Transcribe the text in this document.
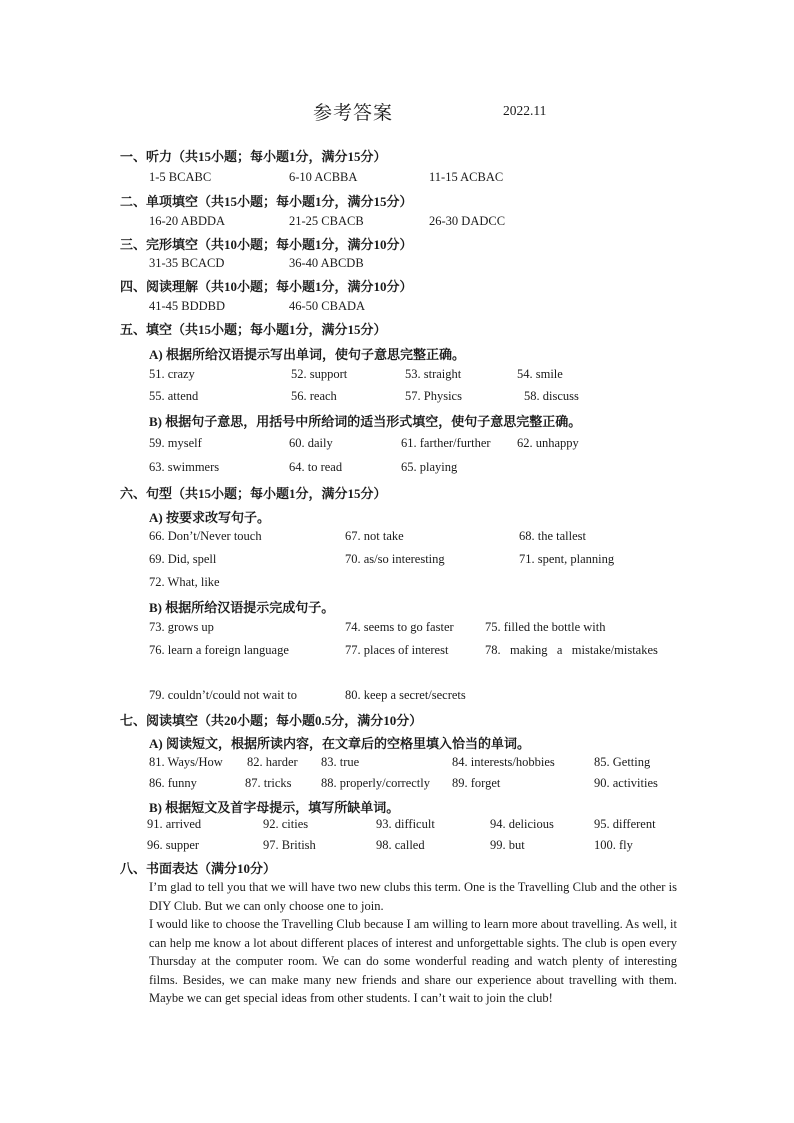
参考答案	2022.11
一、听力（共15小题；每小题1分，满分15分）
1-5 BCABC	6-10 ACBBA	11-15 ACBAC
二、单项填空（共15小题；每小题1分，满分15分）
16-20 ABDDA	21-25 CBACB	26-30 DADCC
三、完形填空（共10小题；每小题1分，满分10分）
31-35 BCACD	36-40 ABCDB
四、阅读理解（共10小题；每小题1分，满分10分）
41-45 BDDBD	46-50 CBADA
五、填空（共15小题；每小题1分，满分15分）
A) 根据所给汉语提示写出单词，使句子意思完整正确。
51. crazy	52. support	53. straight	54. smile
55. attend	56. reach	57. Physics	58. discuss
B) 根据句子意思，用括号中所给词的适当形式填空，使句子意思完整正确。
59. myself	60. daily	61. farther/further 62. unhappy
63. swimmers	64. to read	65. playing
六、句型（共15小题；每小题1分，满分15分）
A) 按要求改写句子。
66. Don’t/Never touch	67. not take	68. the tallest
69. Did, spell	70. as/so interesting	71. spent, planning
72. What, like
B) 根据所给汉语提示完成句子。
73. grows up	74. seems to go faster	75. filled the bottle with
76. learn a foreign language	77. places of interest	78.   making   a   mistake/mistakes
79. couldn’t/could not wait to	80. keep a secret/secrets
七、阅读填空（共20小题；每小题0.5分，满分10分）
A) 阅读短文，根据所读内容，在文章后的空格里填入恰当的单词。
81. Ways/How 82. harder 83. true	84. interests/hobbies	85. Getting
86. funny	87. tricks 88. properly/correctly 89. forget	90. activities
B) 根据短文及首字母提示，填写所缺单词。
91. arrived	92. cities	93. difficult	94. delicious	95. different
96. supper	97. British	98. called	99. but	100. fly
八、书面表达（满分10分）

I’m glad to tell you that we will have two new clubs this term. One is the Travelling Club and the other is DIY Club. But we can only choose one to join.

I would like to choose the Travelling Club because I am willing to learn more about travelling. As well, it can help me know a lot about different places of interest and unforgettable sights. The club is open every Thursday at the computer room. We can do some wonderful reading and watch plenty of interesting films. Besides, we can make many new friends and share our experience about travelling with them. Maybe we can get special ideas from other students. I can’t wait to join the club!
